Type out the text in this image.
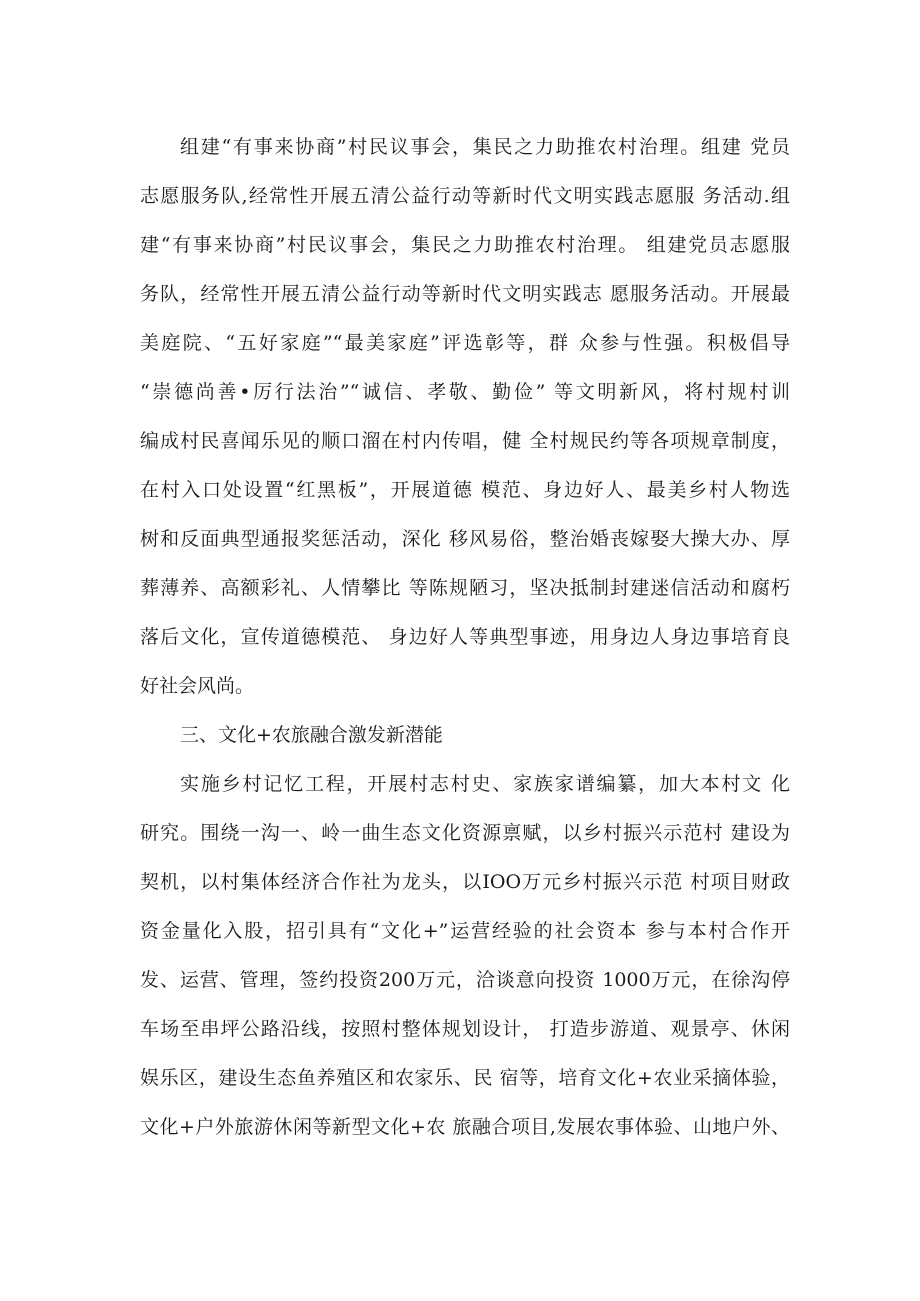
组建“有事来协商”村民议事会，集民之力助推农村治理。组建 党员
志愿服务队,经常性开展五清公益行动等新时代文明实践志愿服 务活动.组
建“有事来协商”村民议事会，集民之力助推农村治理。 组建党员志愿服
务队，经常性开展五清公益行动等新时代文明实践志 愿服务活动。开展最
美庭院、“五好家庭”“最美家庭”评选彰等，群 众参与性强。积极倡导
“崇德尚善•厉行法治”“诚信、孝敬、勤俭” 等文明新风，将村规村训
编成村民喜闻乐见的顺口溜在村内传唱，健 全村规民约等各项规章制度，
在村入口处设置“红黑板”，开展道德 模范、身边好人、最美乡村人物选
树和反面典型通报奖惩活动，深化 移风易俗，整治婚丧嫁娶大操大办、厚
葬薄养、高额彩礼、人情攀比 等陈规陋习，坚决抵制封建迷信活动和腐朽
落后文化，宣传道德模范、 身边好人等典型事迹，用身边人身边事培育良
好社会风尚。
三、文化+农旅融合激发新潜能
实施乡村记忆工程，开展村志村史、家族家谱编纂，加大本村文 化
研究。围绕一沟一、岭一曲生态文化资源禀赋，以乡村振兴示范村 建设为
契机，以村集体经济合作社为龙头，以IOO万元乡村振兴示范 村项目财政
资金量化入股，招引具有“文化+”运营经验的社会资本 参与本村合作开
发、运营、管理，签约投资200万元，洽谈意向投资 1000万元，在徐沟停
车场至串坪公路沿线，按照村整体规划设计， 打造步游道、观景亭、休闲
娱乐区，建设生态鱼养殖区和农家乐、民 宿等，培育文化+农业采摘体验，
文化+户外旅游休闲等新型文化+农 旅融合项目,发展农事体验、山地户外、
